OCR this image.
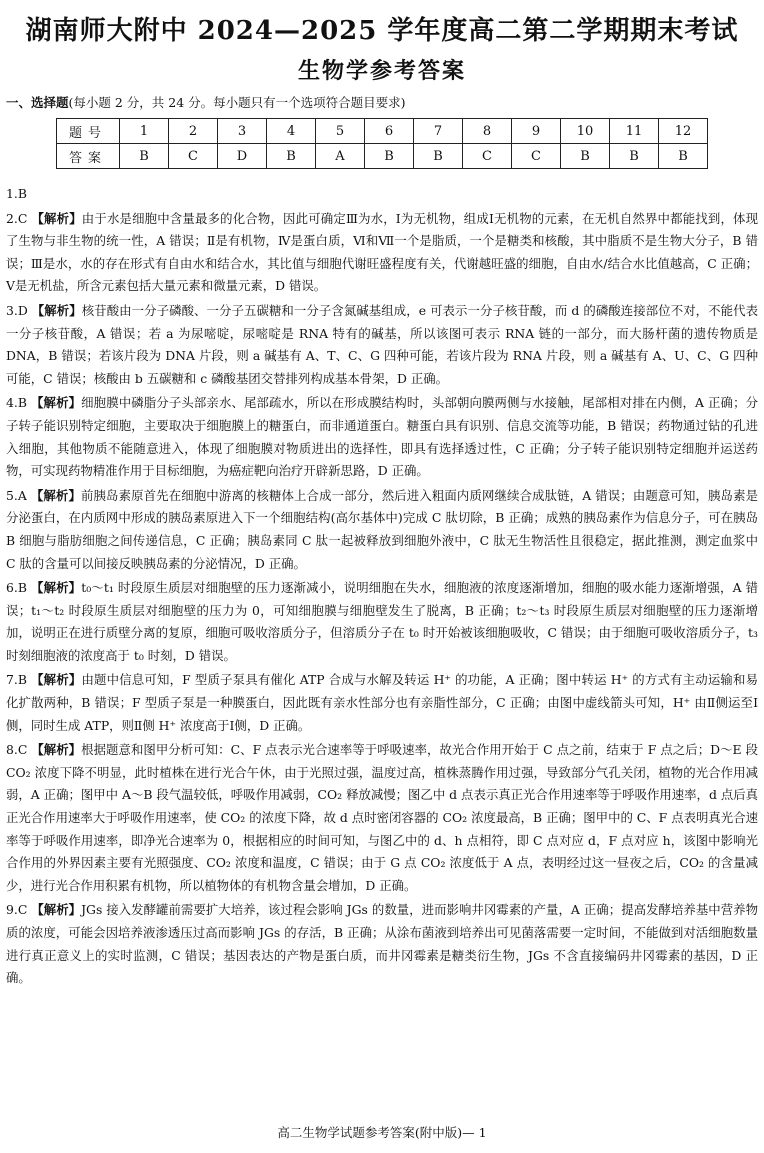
湖南师大附中 2024—2025 学年度高二第二学期期末考试
生物学参考答案
一、选择题(每小题 2 分，共 24 分。每小题只有一个选项符合题目要求)
题号	1	2	3	4	5	6	7	8	9	10	11	12
答案	B	C	D	B	A	B	B	C	C	B	B	B
1.B
2.C 【解析】由于水是细胞中含量最多的化合物，因此可确定Ⅲ为水，Ⅰ为无机物，组成Ⅰ无机物的元素，在无机自然界中都能找到，体现了生物与非生物的统一性，A 错误；Ⅱ是有机物，Ⅳ是蛋白质，Ⅵ和Ⅶ一个是脂质，一个是糖类和核酸，其中脂质不是生物大分子，B 错误；Ⅲ是水，水的存在形式有自由水和结合水，其比值与细胞代谢旺盛程度有关，代谢越旺盛的细胞，自由水/结合水比值越高，C 正确；Ⅴ是无机盐，所含元素包括大量元素和微量元素，D 错误。
3.D 【解析】核苷酸由一分子磷酸、一分子五碳糖和一分子含氮碱基组成，e 可表示一分子核苷酸，而 d 的磷酸连接部位不对，不能代表一分子核苷酸，A 错误；若 a 为尿嘧啶，尿嘧啶是 RNA 特有的碱基，所以该图可表示 RNA 链的一部分，而大肠杆菌的遗传物质是 DNA，B 错误；若该片段为 DNA 片段，则 a 碱基有 A、T、C、G 四种可能，若该片段为 RNA 片段，则 a 碱基有 A、U、C、G 四种可能，C 错误；核酸由 b 五碳糖和 c 磷酸基团交替排列构成基本骨架，D 正确。
4.B 【解析】细胞膜中磷脂分子头部亲水、尾部疏水，所以在形成膜结构时，头部朝向膜两侧与水接触，尾部相对排在内侧，A 正确；分子转子能识别特定细胞，主要取决于细胞膜上的糖蛋白，而非通道蛋白。糖蛋白具有识别、信息交流等功能，B 错误；药物通过钻的孔进入细胞，其他物质不能随意进入，体现了细胞膜对物质进出的选择性，即具有选择透过性，C 正确；分子转子能识别特定细胞并运送药物，可实现药物精准作用于目标细胞，为癌症靶向治疗开辟新思路，D 正确。
5.A 【解析】前胰岛素原首先在细胞中游离的核糖体上合成一部分，然后进入粗面内质网继续合成肽链，A 错误；由题意可知，胰岛素是分泌蛋白，在内质网中形成的胰岛素原进入下一个细胞结构(高尔基体中)完成 C 肽切除，B 正确；成熟的胰岛素作为信息分子，可在胰岛 B 细胞与脂肪细胞之间传递信息，C 正确；胰岛素同 C 肽一起被释放到细胞外液中，C 肽无生物活性且很稳定，据此推测，测定血浆中 C 肽的含量可以间接反映胰岛素的分泌情况，D 正确。
6.B 【解析】t₀～t₁ 时段原生质层对细胞壁的压力逐渐减小，说明细胞在失水，细胞液的浓度逐渐增加，细胞的吸水能力逐渐增强，A 错误；t₁～t₂ 时段原生质层对细胞壁的压力为 0，可知细胞膜与细胞壁发生了脱离，B 正确；t₂～t₃ 时段原生质层对细胞壁的压力逐渐增加，说明正在进行质壁分离的复原，细胞可吸收溶质分子，但溶质分子在 t₀ 时开始被该细胞吸收，C 错误；由于细胞可吸收溶质分子，t₃ 时刻细胞液的浓度高于 t₀ 时刻，D 错误。
7.B 【解析】由题中信息可知，F 型质子泵具有催化 ATP 合成与水解及转运 H⁺ 的功能，A 正确；图中转运 H⁺ 的方式有主动运输和易化扩散两种，B 错误；F 型质子泵是一种膜蛋白，因此既有亲水性部分也有亲脂性部分，C 正确；由图中虚线箭头可知，H⁺ 由Ⅱ侧运至Ⅰ侧，同时生成 ATP，则Ⅱ侧 H⁺ 浓度高于Ⅰ侧，D 正确。
8.C 【解析】根据题意和图甲分析可知：C、F 点表示光合速率等于呼吸速率，故光合作用开始于 C 点之前，结束于 F 点之后；D～E 段 CO₂ 浓度下降不明显，此时植株在进行光合午休，由于光照过强，温度过高，植株蒸腾作用过强，导致部分气孔关闭，植物的光合作用减弱，A 正确；图甲中 A～B 段气温较低，呼吸作用减弱，CO₂ 释放减慢；图乙中 d 点表示真正光合作用速率等于呼吸作用速率，d 点后真正光合作用速率大于呼吸作用速率，使 CO₂ 的浓度下降，故 d 点时密闭容器的 CO₂ 浓度最高，B 正确；图甲中的 C、F 点表明真光合速率等于呼吸作用速率，即净光合速率为 0，根据相应的时间可知，与图乙中的 d、h 点相符，即 C 点对应 d，F 点对应 h，该图中影响光合作用的外界因素主要有光照强度、CO₂ 浓度和温度，C 错误；由于 G 点 CO₂ 浓度低于 A 点，表明经过这一昼夜之后，CO₂ 的含量减少，进行光合作用积累有机物，所以植物体的有机物含量会增加，D 正确。
9.C 【解析】JGs 接入发酵罐前需要扩大培养，该过程会影响 JGs 的数量，进而影响井冈霉素的产量，A 正确；提高发酵培养基中营养物质的浓度，可能会因培养液渗透压过高而影响 JGs 的存活，B 正确；从涂布菌液到培养出可见菌落需要一定时间，不能做到对活细胞数量进行真正意义上的实时监测，C 错误；基因表达的产物是蛋白质，而井冈霉素是糖类衍生物，JGs 不含直接编码井冈霉素的基因，D 正确。
高二生物学试题参考答案(附中版)— 1
